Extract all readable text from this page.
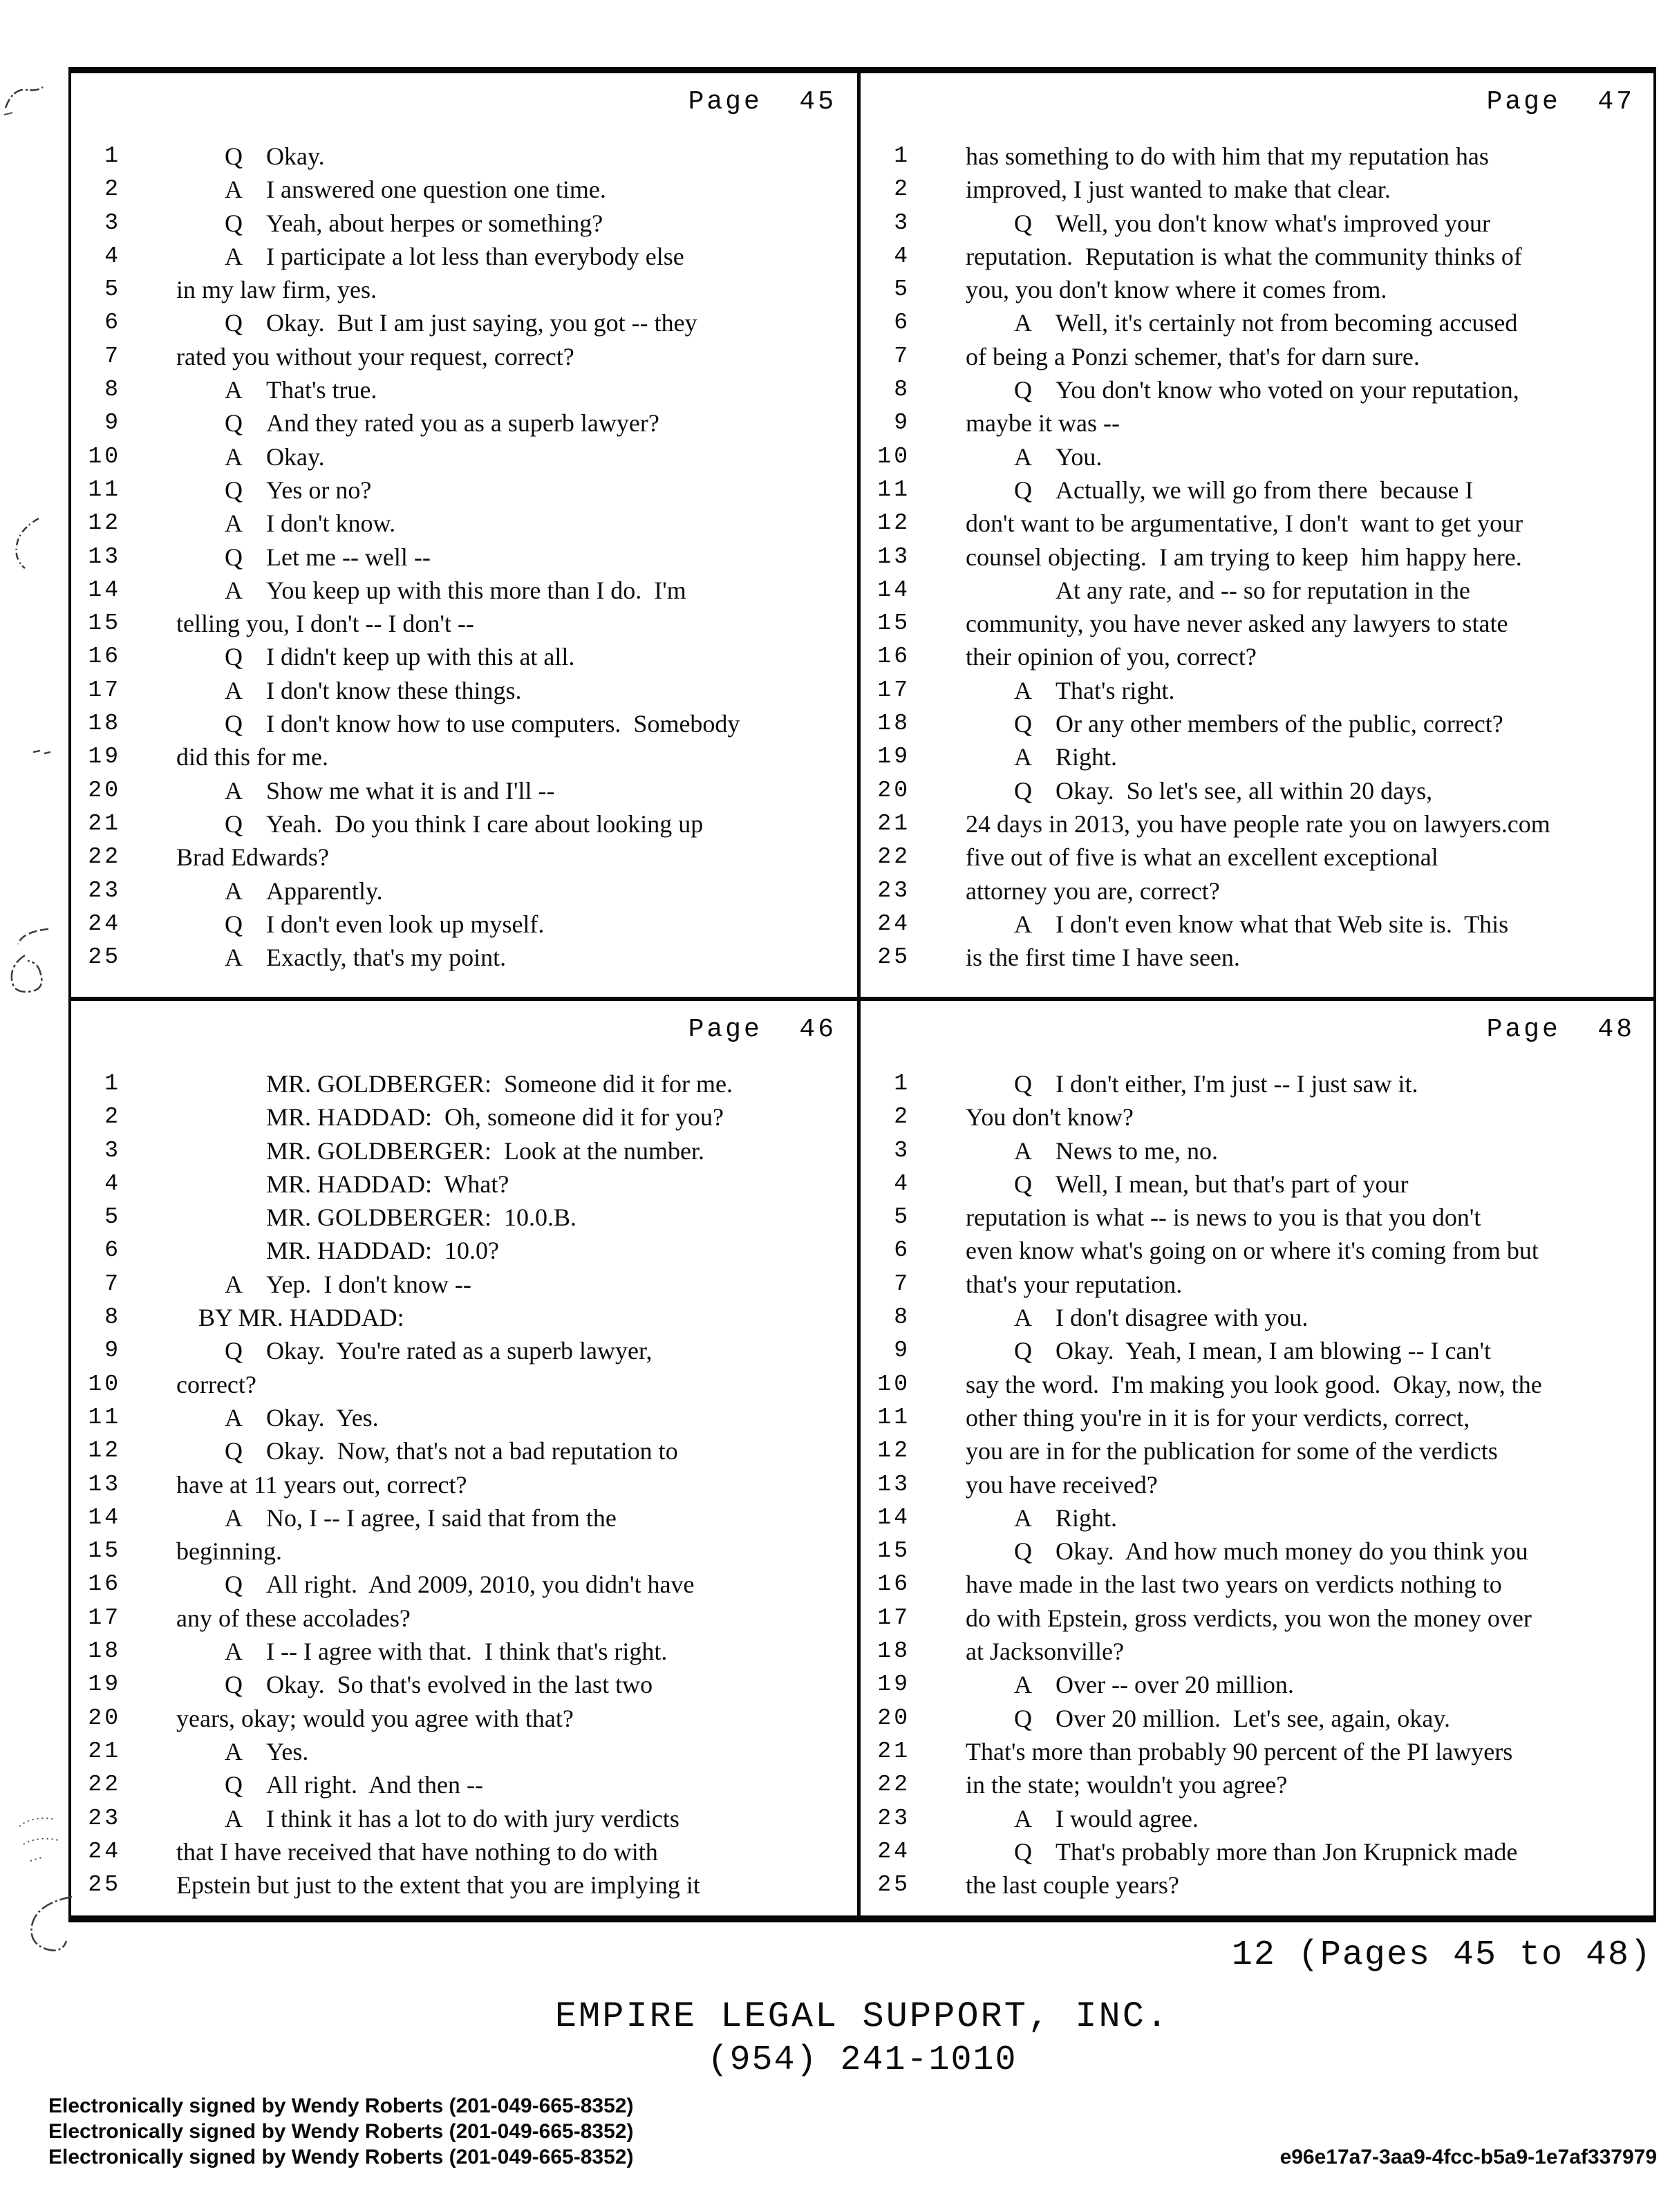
Page  45
1	Q Okay.
2	A I answered one question one time.
3	Q Yeah, about herpes or something?
4	A I participate a lot less than everybody else
5 in my law firm, yes.
6	Q Okay.  But I am just saying, you got -- they
7 rated you without your request, correct?
8	A That's true.
9	Q And they rated you as a superb lawyer?
10	A Okay.
11	Q Yes or no?
12	A I don't know.
13	Q Let me -- well --
14	A You keep up with this more than I do.  I'm
15 telling you, I don't -- I don't --
16	Q I didn't keep up with this at all.
17	A I don't know these things.
18	Q I don't know how to use computers.  Somebody
19 did this for me.
20	A Show me what it is and I'll --
21	Q Yeah.  Do you think I care about looking up
22 Brad Edwards?
23	A Apparently.
24	Q I don't even look up myself.
25	A Exactly, that's my point.
Page  47
1 has something to do with him that my reputation has
2 improved, I just wanted to make that clear.
3	Q Well, you don't know what's improved your
4 reputation.  Reputation is what the community thinks of
5 you, you don't know where it comes from.
6	A Well, it's certainly not from becoming accused
7 of being a Ponzi schemer, that's for darn sure.
8	Q You don't know who voted on your reputation,
9 maybe it was --
10	A You.
11	Q Actually, we will go from there  because I
12 don't want to be argumentative, I don't  want to get your
13 counsel objecting.  I am trying to keep  him happy here.
14	At any rate, and -- so for reputation in the
15 community, you have never asked any lawyers to state
16 their opinion of you, correct?
17	A That's right.
18	Q Or any other members of the public, correct?
19	A Right.
20	Q Okay.  So let's see, all within 20 days,
21 24 days in 2013, you have people rate you on lawyers.com
22 five out of five is what an excellent exceptional
23 attorney you are, correct?
24	A I don't even know what that Web site is.  This
25 is the first time I have seen.
Page  46
1	MR. GOLDBERGER:  Someone did it for me.
2	MR. HADDAD:  Oh, someone did it for you?
3	MR. GOLDBERGER:  Look at the number.
4	MR. HADDAD:  What?
5	MR. GOLDBERGER:  10.0.B.
6	MR. HADDAD:  10.0?
7	A Yep.  I don't know --
8	BY MR. HADDAD:
9	Q Okay.  You're rated as a superb lawyer,
10 correct?
11	A Okay.  Yes.
12	Q Okay.  Now, that's not a bad reputation to
13 have at 11 years out, correct?
14	A No, I -- I agree, I said that from the
15 beginning.
16	Q All right.  And 2009, 2010, you didn't have
17 any of these accolades?
18	A I -- I agree with that.  I think that's right.
19	Q Okay.  So that's evolved in the last two
20 years, okay; would you agree with that?
21	A Yes.
22	Q All right.  And then --
23	A I think it has a lot to do with jury verdicts
24 that I have received that have nothing to do with
25 Epstein but just to the extent that you are implying it
Page  48
1	Q I don't either, I'm just -- I just saw it.
2 You don't know?
3	A News to me, no.
4	Q Well, I mean, but that's part of your
5 reputation is what -- is news to you is that you don't
6 even know what's going on or where it's coming from but
7 that's your reputation.
8	A I don't disagree with you.
9	Q Okay.  Yeah, I mean, I am blowing -- I can't
10 say the word.  I'm making you look good.  Okay, now, the
11 other thing you're in it is for your verdicts, correct,
12 you are in for the publication for some of the verdicts
13 you have received?
14	A Right.
15	Q Okay.  And how much money do you think you
16 have made in the last two years on verdicts nothing to
17 do with Epstein, gross verdicts, you won the money over
18 at Jacksonville?
19	A Over -- over 20 million.
20	Q Over 20 million.  Let's see, again, okay.
21 That's more than probably 90 percent of the PI lawyers
22 in the state; wouldn't you agree?
23	A I would agree.
24	Q That's probably more than Jon Krupnick made
25 the last couple years?
12 (Pages 45 to 48)
EMPIRE LEGAL SUPPORT, INC.
(954) 241-1010
Electronically signed by Wendy Roberts (201-049-665-8352)
Electronically signed by Wendy Roberts (201-049-665-8352)
Electronically signed by Wendy Roberts (201-049-665-8352)	e96e17a7-3aa9-4fcc-b5a9-1e7af337979
